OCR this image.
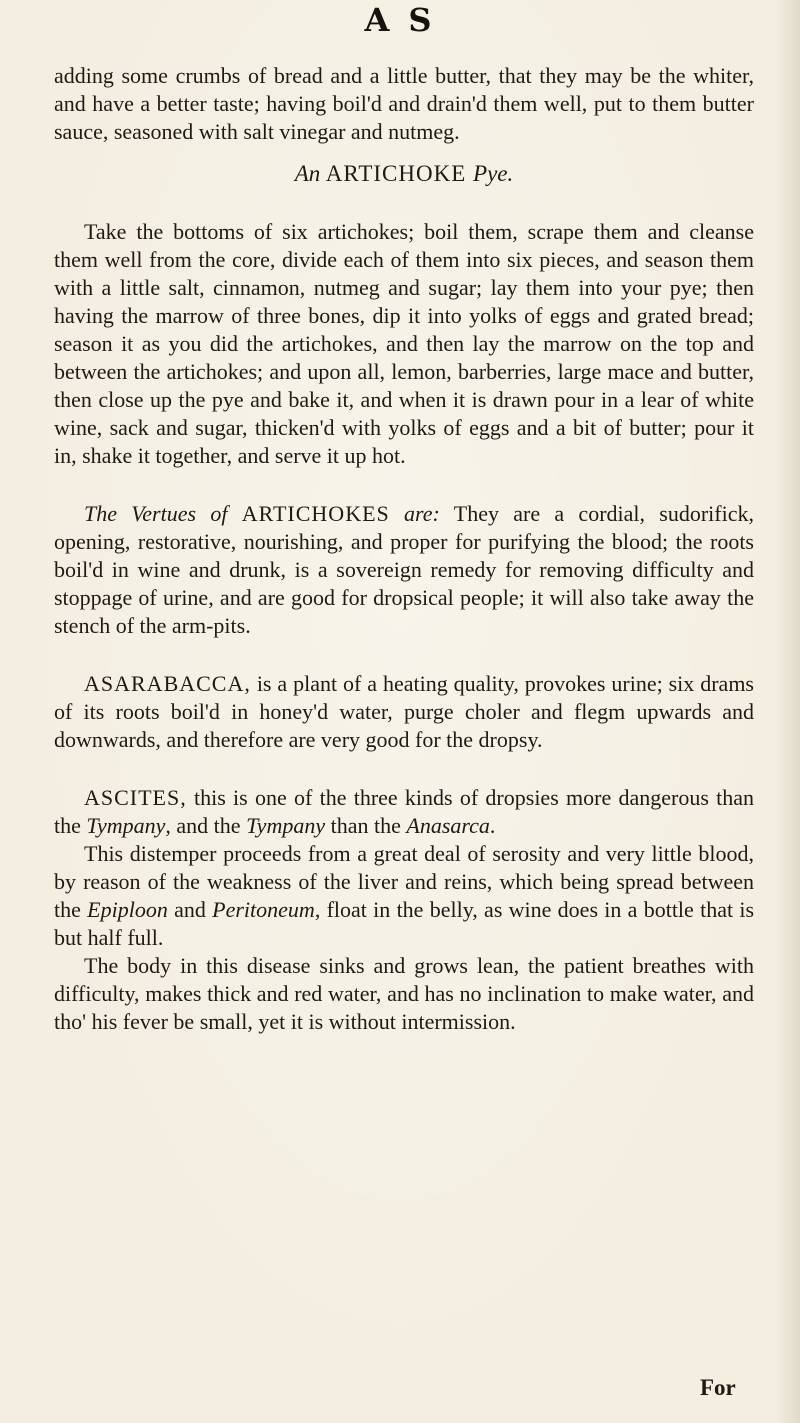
A S

adding some crumbs of bread and a little butter, that they may be the whiter, and have a better taste; having boil'd and drain'd them well, put to them butter sauce, seasoned with salt vinegar and nutmeg.

An ARTICHOKE Pye.

Take the bottoms of six artichokes; boil them, scrape them and cleanse them well from the core, divide each of them into six pieces, and season them with a little salt, cinnamon, nutmeg and sugar; lay them into your pye; then having the marrow of three bones, dip it into yolks of eggs and grated bread; season it as you did the artichokes, and then lay the marrow on the top and between the artichokes; and upon all, lemon, barberries, large mace and butter, then close up the pye and bake it, and when it is drawn pour in a lear of white wine, sack and sugar, thicken'd with yolks of eggs and a bit of butter; pour it in, shake it together, and serve it up hot.

The Vertues of ARTICHOKES are: They are a cordial, sudorifick, opening, restorative, nourishing, and proper for purifying the blood; the roots boil'd in wine and drunk, is a sovereign remedy for removing difficulty and stoppage of urine, and are good for dropsical people; it will also take away the stench of the arm-pits.

ASARABACCA, is a plant of a heating quality, provokes urine; six drams of its roots boil'd in honey'd water, purge choler and flegm upwards and downwards, and therefore are very good for the dropsy.

ASCITES, this is one of the three kinds of dropsies more dangerous than the Tympany, and the Tympany than the Anasarca.

This distemper proceeds from a great deal of serosity and very little blood, by reason of the weakness of the liver and reins, which being spread between the Epiploon and Peritoneum, float in the belly, as wine does in a bottle that is but half full.

The body in this disease sinks and grows lean, the patient breathes with difficulty, makes thick and red water, and has no inclination to make water, and tho' his fever be small, yet it is without intermission.

For
